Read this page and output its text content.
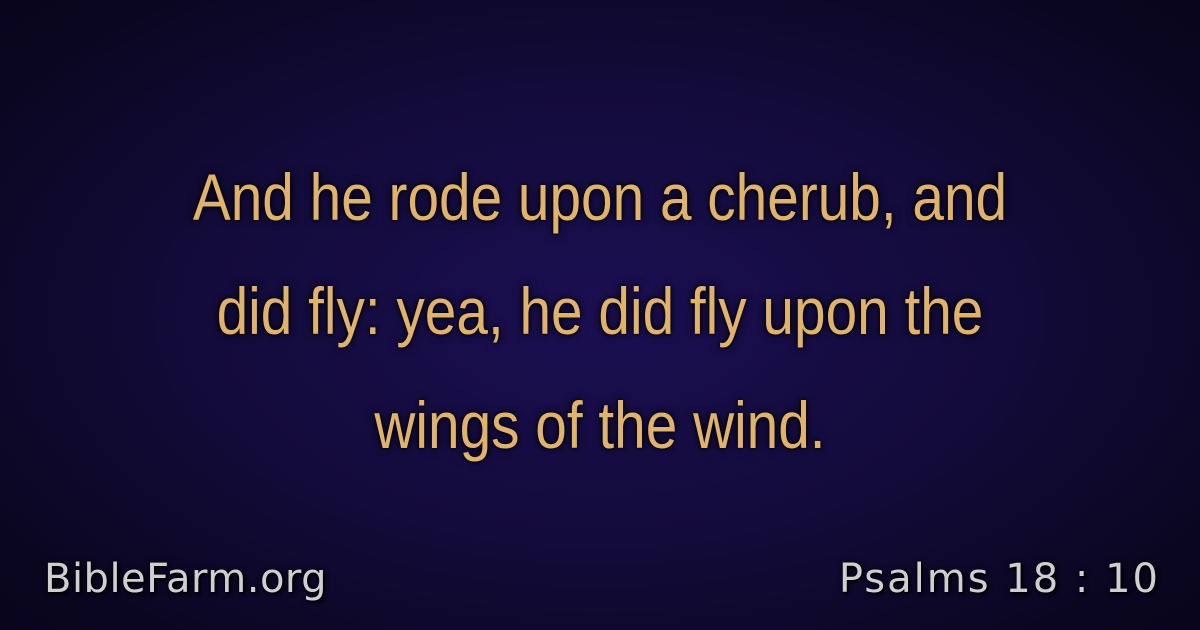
And he rode upon a cherub, and
did fly: yea, he did fly upon the
wings of the wind.

BibleFarm.org	Psalms 18 : 10
